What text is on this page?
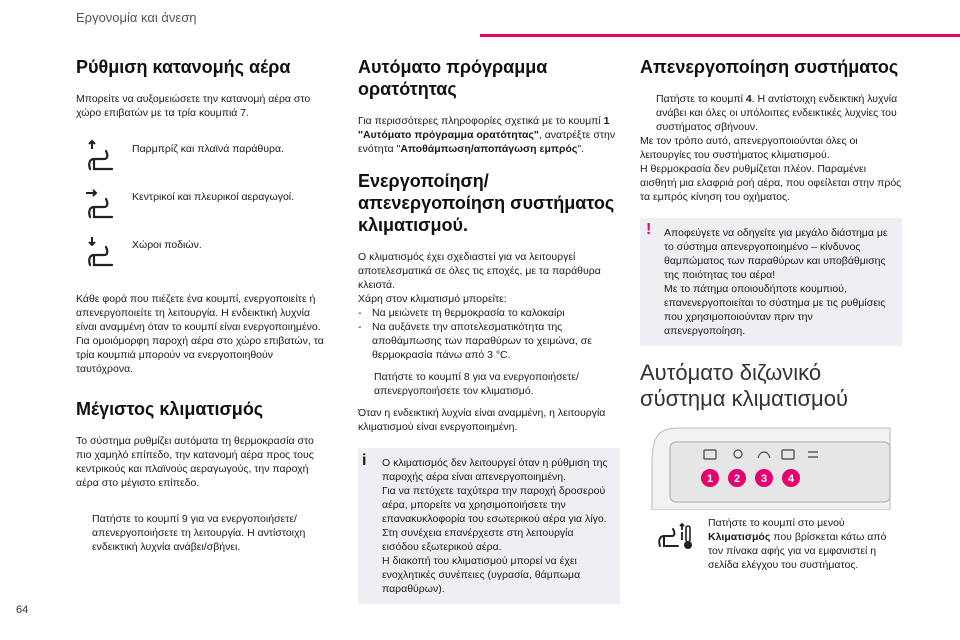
Εργονομία και άνεση
Ρύθμιση κατανομής αέρα

Μπορείτε να αυξομειώσετε την κατανομή αέρα στο χώρο επιβατών με τα τρία κουμπιά 7.

Παρμπρίζ και πλαϊνά παράθυρα.
Κεντρικοί και πλευρικοί αεραγωγοί.
Χώροι ποδιών.

Κάθε φορά που πιέζετε ένα κουμπί, ενεργοποιείτε ή απενεργοποιείτε τη λειτουργία. Η ενδεικτική λυχνία είναι αναμμένη όταν το κουμπί είναι ενεργοποιημένο. Για ομοιόμορφη παροχή αέρα στο χώρο επιβατών, τα τρία κουμπιά μπορούν να ενεργοποιηθούν ταυτόχρονα.

Μέγιστος κλιματισμός

Το σύστημα ρυθμίζει αυτόματα τη θερμοκρασία στο πιο χαμηλό επίπεδο, την κατανομή αέρα προς τους κεντρικούς και πλαϊνούς αεραγωγούς, την παροχή αέρα στο μέγιστο επίπεδο.

Πατήστε το κουμπί 9 για να ενεργοποιήσετε/ απενεργοποιήσετε τη λειτουργία. Η αντίστοιχη ενδεικτική λυχνία ανάβει/σβήνει.
Αυτόματο πρόγραμμα ορατότητας

Για περισσότερες πληροφορίες σχετικά με το κουμπί 1 "Αυτόματο πρόγραμμα ορατότητας", ανατρέξτε στην ενότητα "Αποθάμπωση/αποπάγωση εμπρός".

Ενεργοποίηση/απενεργοποίηση συστήματος κλιματισμού.

Ο κλιματισμός έχει σχεδιαστεί για να λειτουργεί αποτελεσματικά σε όλες τις εποχές, με τα παράθυρα κλειστά.

Χάρη στον κλιματισμό μπορείτε:

-	Να μειώνετε τη θερμοκρασία το καλοκαίρι
-	Να αυξάνετε την αποτελεσματικότητα της αποθάμπωσης των παραθύρων το χειμώνα, σε θερμοκρασία πάνω από 3 °C.
Πατήστε το κουμπί 8 για να ενεργοποιήσετε/ απενεργοποιήσετε τον κλιματισμό.

Όταν η ενδεικτική λυχνία είναι αναμμένη, η λειτουργία κλιματισμού είναι ενεργοποιημένη.

i Ο κλιματισμός δεν λειτουργεί όταν η ρύθμιση της παροχής αέρα είναι απενεργοποιημένη.

Για να πετύχετε ταχύτερα την παροχή δροσερού αέρα, μπορείτε να χρησιμοποιήσετε την επανακυκλοφορία του εσωτερικού αέρα για λίγο. Στη συνέχεια επανέρχεστε στη λειτουργία εισόδου εξωτερικού αέρα.

Η διακοπή του κλιματισμού μπορεί να έχει ενοχλητικές συνέπειες (υγρασία, θάμπωμα παραθύρων).

Απενεργοποίηση συστήματος
Πατήστε το κουμπί 4. Η αντίστοιχη ενδεικτική λυχνία ανάβει και όλες οι υπόλοιπες ενδεικτικές λυχνίες του συστήματος σβήνουν.

Με τον τρόπο αυτό, απενεργοποιούνται όλες οι λειτουργίες του συστήματος κλιματισμού.

Η θερμοκρασία δεν ρυθμίζεται πλέον. Παραμένει αισθητή μια ελαφριά ροή αέρα, που οφείλεται στην πρός τα εμπρός κίνηση του οχήματος.

! Αποφεύγετε να οδηγείτε για μεγάλο διάστημα με το σύστημα απενεργοποιημένο – κίνδυνος θαμπώματος των παραθύρων και υποβάθμισης της ποιότητας του αέρα!

Με το πάτημα οποιουδήποτε κουμπιού, επανενεργοποιείται το σύστημα με τις ρυθμίσεις που χρησιμοποιούνταν πριν την απενεργοποίηση.

Αυτόματο διζωνικό σύστημα κλιματισμού
1 2 3 4

Πατήστε το κουμπί στο μενού Κλιματισμός που βρίσκεται κάτω από τον πίνακα αφής για να εμφανιστεί η σελίδα ελέγχου του συστήματος.

64
